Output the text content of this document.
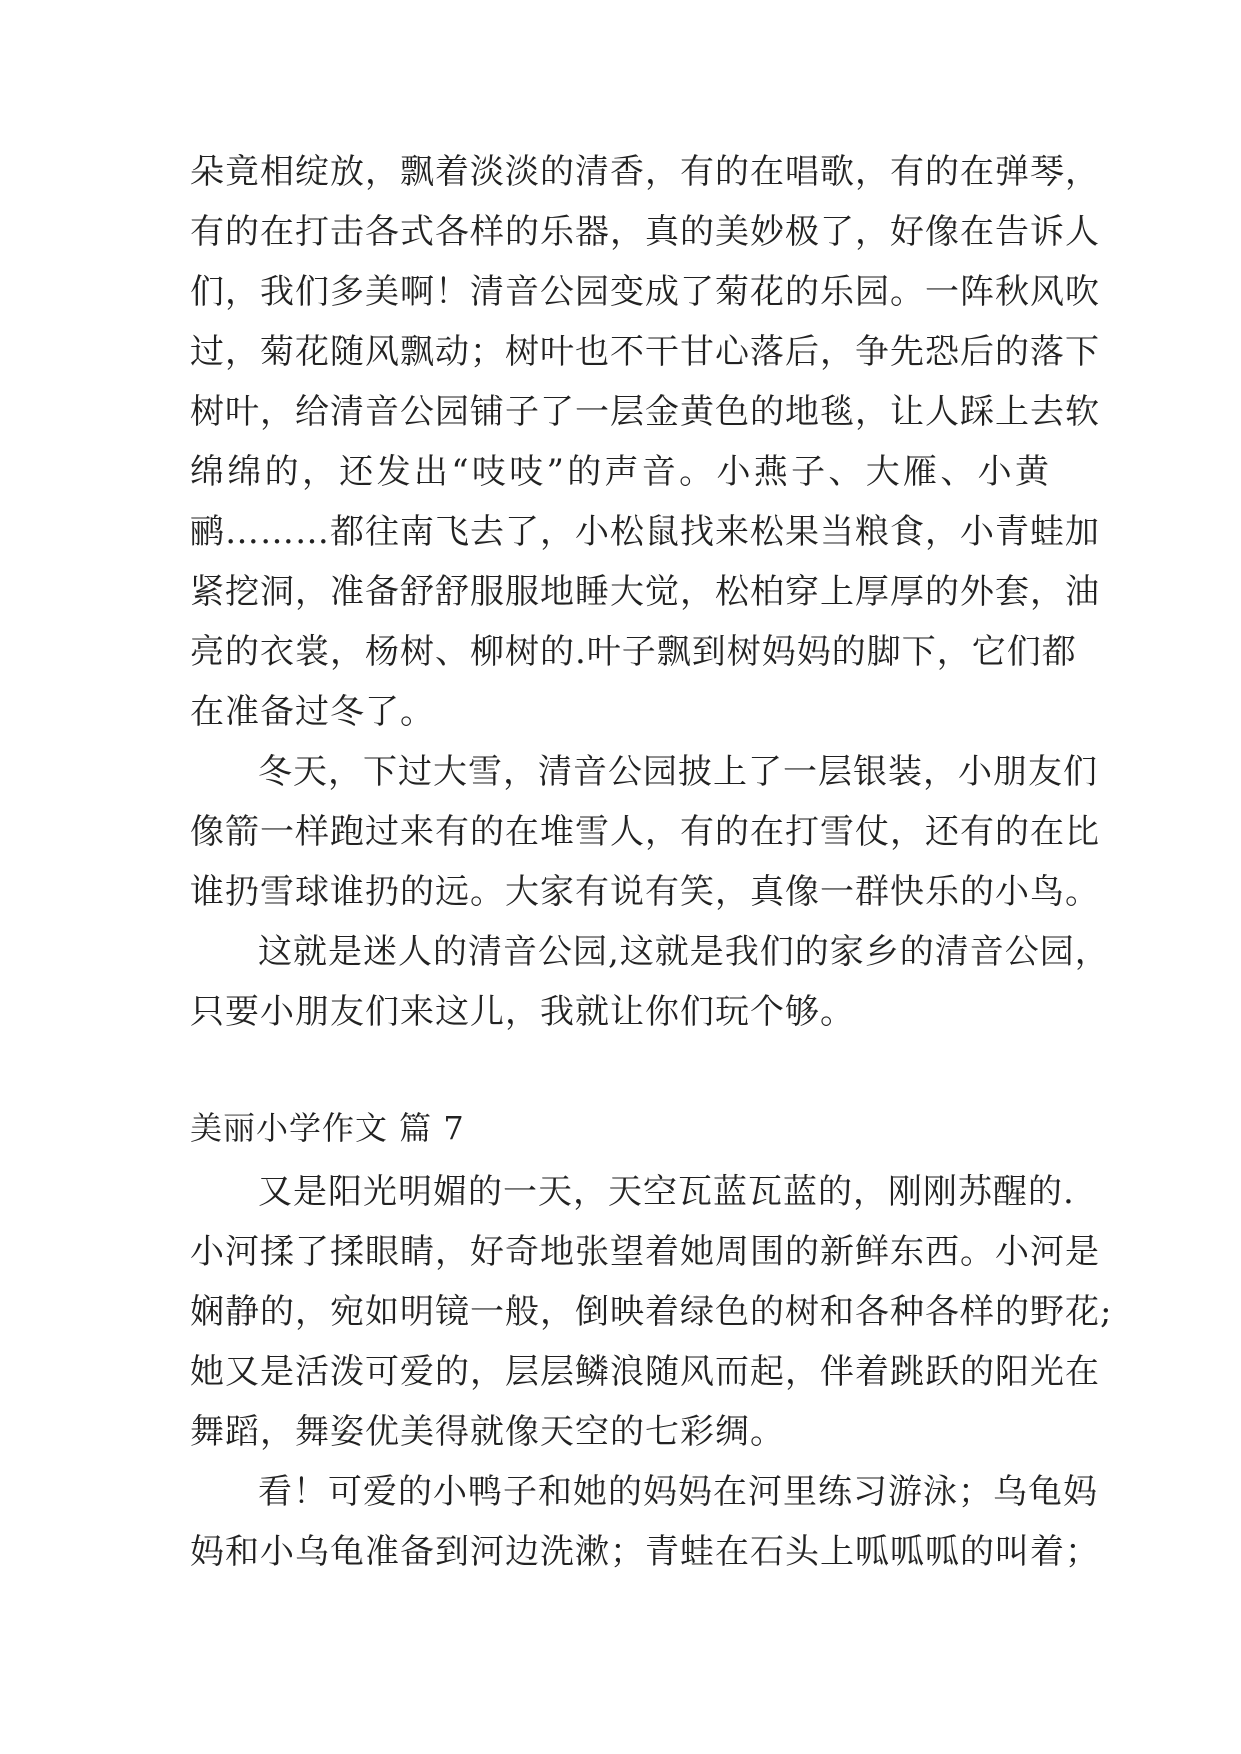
朵竟相绽放，飘着淡淡的清香，有的在唱歌，有的在弹琴，
有的在打击各式各样的乐器，真的美妙极了，好像在告诉人
们，我们多美啊！清音公园变成了菊花的乐园。一阵秋风吹
过，菊花随风飘动；树叶也不干甘心落后，争先恐后的落下
树叶，给清音公园铺子了一层金黄色的地毯，让人踩上去软
绵绵的，还发出“吱吱”的声音。小燕子、大雁、小黄
鹂………都往南飞去了，小松鼠找来松果当粮食，小青蛙加
紧挖洞，准备舒舒服服地睡大觉，松柏穿上厚厚的外套，油
亮的衣裳，杨树、柳树的.叶子飘到树妈妈的脚下，它们都
在准备过冬了。
冬天，下过大雪，清音公园披上了一层银装，小朋友们
像箭一样跑过来有的在堆雪人，有的在打雪仗，还有的在比
谁扔雪球谁扔的远。大家有说有笑，真像一群快乐的小鸟。
这就是迷人的清音公园,这就是我们的家乡的清音公园，
只要小朋友们来这儿，我就让你们玩个够。
美丽小学作文 篇 7
又是阳光明媚的一天，天空瓦蓝瓦蓝的，刚刚苏醒的.
小河揉了揉眼睛，好奇地张望着她周围的新鲜东西。小河是
娴静的，宛如明镜一般，倒映着绿色的树和各种各样的野花;
她又是活泼可爱的，层层鳞浪随风而起，伴着跳跃的阳光在
舞蹈，舞姿优美得就像天空的七彩绸。
看！可爱的小鸭子和她的妈妈在河里练习游泳；乌龟妈
妈和小乌龟准备到河边洗漱；青蛙在石头上呱呱呱的叫着；
